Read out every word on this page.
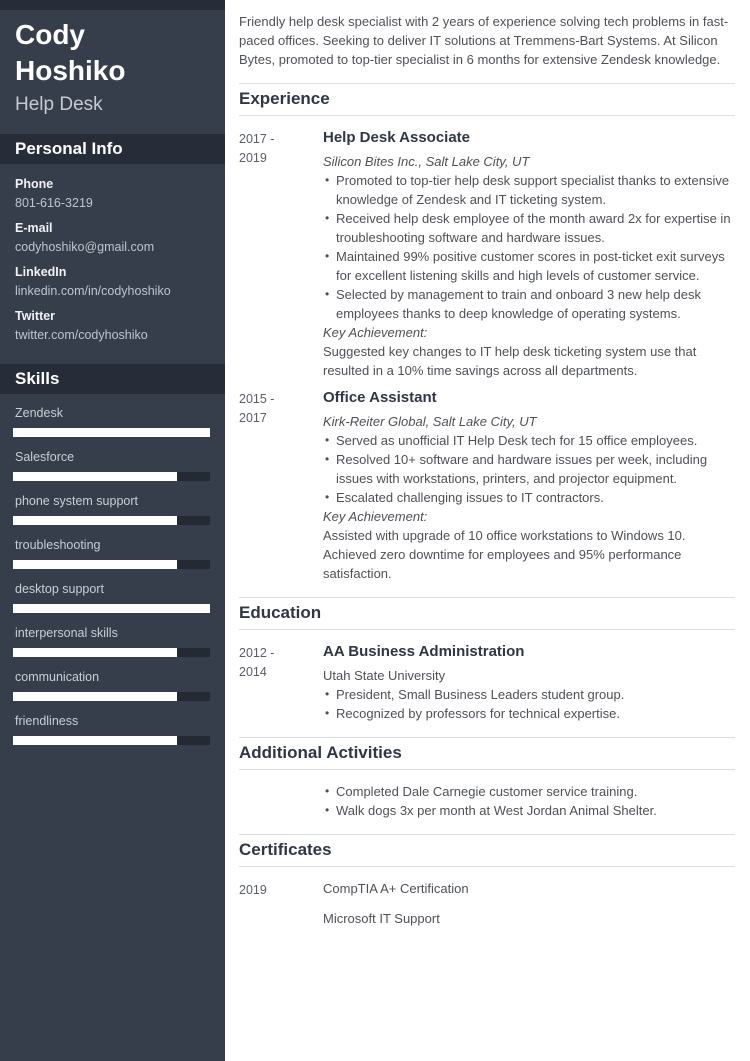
Cody Hoshiko
Help Desk
Personal Info
Phone
801-616-3219
E-mail
codyhoshiko@gmail.com
LinkedIn
linkedin.com/in/codyhoshiko
Twitter
twitter.com/codyhoshiko
Skills
Zendesk
Salesforce
phone system support
troubleshooting
desktop support
interpersonal skills
communication
friendliness

Friendly help desk specialist with 2 years of experience solving tech problems in fast-paced offices. Seeking to deliver IT solutions at Tremmens-Bart Systems. At Silicon Bytes, promoted to top-tier specialist in 6 months for extensive Zendesk knowledge.

Experience
2017 -
2019
Help Desk Associate
Silicon Bites Inc., Salt Lake City, UT
• Promoted to top-tier help desk support specialist thanks to extensive knowledge of Zendesk and IT ticketing system.
• Received help desk employee of the month award 2x for expertise in troubleshooting software and hardware issues.
• Maintained 99% positive customer scores in post-ticket exit surveys for excellent listening skills and high levels of customer service.
• Selected by management to train and onboard 3 new help desk employees thanks to deep knowledge of operating systems.
Key Achievement:
Suggested key changes to IT help desk ticketing system use that resulted in a 10% time savings across all departments.
2015 -
2017
Office Assistant
Kirk-Reiter Global, Salt Lake City, UT
• Served as unofficial IT Help Desk tech for 15 office employees.
• Resolved 10+ software and hardware issues per week, including issues with workstations, printers, and projector equipment.
• Escalated challenging issues to IT contractors.
Key Achievement:
Assisted with upgrade of 10 office workstations to Windows 10. Achieved zero downtime for employees and 95% performance satisfaction.
Education
2012 -
2014
AA Business Administration
Utah State University
• President, Small Business Leaders student group.
• Recognized by professors for technical expertise.
Additional Activities
• Completed Dale Carnegie customer service training.
• Walk dogs 3x per month at West Jordan Animal Shelter.
Certificates
2019	CompTIA A+ Certification
Microsoft IT Support
